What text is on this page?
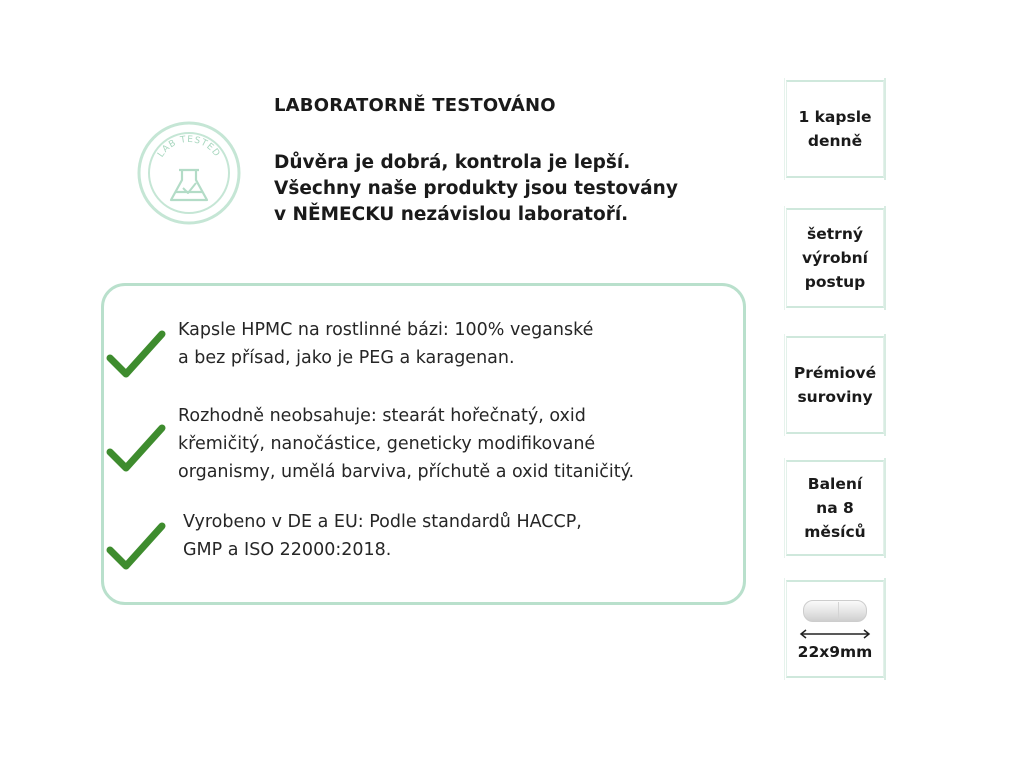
LAB TESTED
LABORATORNĚ TESTOVÁNO
Důvěra je dobrá, kontrola je lepší.
Všechny naše produkty jsou testovány
v NĚMECKU nezávislou laboratoří.
Kapsle HPMC na rostlinné bázi: 100% veganské
a bez přísad, jako je PEG a karagenan.
Rozhodně neobsahuje: stearát hořečnatý, oxid
křemičitý, nanočástice, geneticky modifikované
organismy, umělá barviva, příchutě a oxid titaničitý.
Vyrobeno v DE a EU: Podle standardů HACCP,
GMP a ISO 22000:2018.
1 kapsle
denně
šetrný
výrobní
postup
Prémiové
suroviny
Balení
na 8
měsíců
22x9mm
